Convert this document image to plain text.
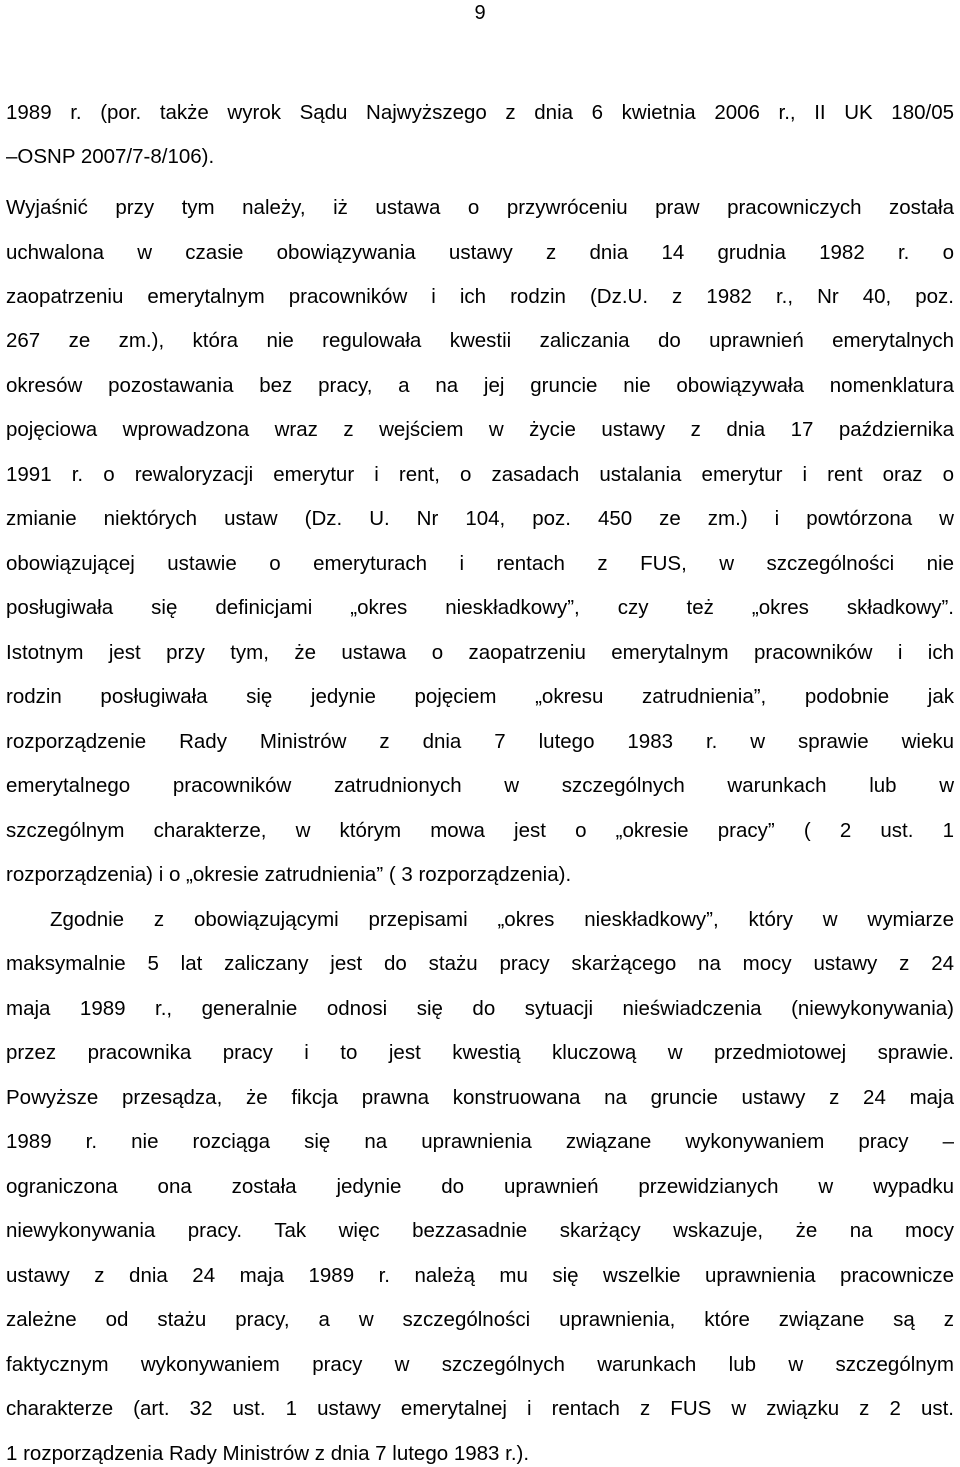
9
1989 r. (por. także wyrok Sądu Najwyższego z dnia 6 kwietnia 2006 r., II UK 180/05
–OSNP 2007/7-8/106).
Wyjaśnić przy tym należy, iż ustawa o przywróceniu praw pracowniczych została
uchwalona w czasie obowiązywania ustawy z dnia 14 grudnia 1982 r. o
zaopatrzeniu emerytalnym pracowników i ich rodzin (Dz.U. z 1982 r., Nr 40, poz.
267 ze zm.), która nie regulowała kwestii zaliczania do uprawnień emerytalnych
okresów pozostawania bez pracy, a na jej gruncie nie obowiązywała nomenklatura
pojęciowa wprowadzona wraz z wejściem w życie ustawy z dnia 17 października
1991 r. o rewaloryzacji emerytur i rent, o zasadach ustalania emerytur i rent oraz o
zmianie niektórych ustaw (Dz. U. Nr 104, poz. 450 ze zm.) i powtórzona w
obowiązującej ustawie o emeryturach i rentach z FUS, w szczególności nie
posługiwała się definicjami „okres nieskładkowy”, czy też „okres składkowy”.
Istotnym jest przy tym, że ustawa o zaopatrzeniu emerytalnym pracowników i ich
rodzin posługiwała się jedynie pojęciem „okresu zatrudnienia”, podobnie jak
rozporządzenie Rady Ministrów z dnia 7 lutego 1983 r. w sprawie wieku
emerytalnego pracowników zatrudnionych w szczególnych warunkach lub w
szczególnym charakterze, w którym mowa jest o „okresie pracy” ( 2 ust. 1
rozporządzenia) i o „okresie zatrudnienia” ( 3 rozporządzenia).
Zgodnie z obowiązującymi przepisami „okres nieskładkowy”, który w wymiarze
maksymalnie 5 lat zaliczany jest do stażu pracy skarżącego na mocy ustawy z 24
maja 1989 r., generalnie odnosi się do sytuacji nieświadczenia (niewykonywania)
przez pracownika pracy i to jest kwestią kluczową w przedmiotowej sprawie.
Powyższe przesądza, że fikcja prawna konstruowana na gruncie ustawy z 24 maja
1989 r. nie rozciąga się na uprawnienia związane wykonywaniem pracy –
ograniczona ona została jedynie do uprawnień przewidzianych w wypadku
niewykonywania pracy. Tak więc bezzasadnie skarżący wskazuje, że na mocy
ustawy z dnia 24 maja 1989 r. należą mu się wszelkie uprawnienia pracownicze
zależne od stażu pracy, a w szczególności uprawnienia, które związane są z
faktycznym wykonywaniem pracy w szczególnych warunkach lub w szczególnym
charakterze (art. 32 ust. 1 ustawy emerytalnej i rentach z FUS w związku z 2 ust.
1 rozporządzenia Rady Ministrów z dnia 7 lutego 1983 r.).
